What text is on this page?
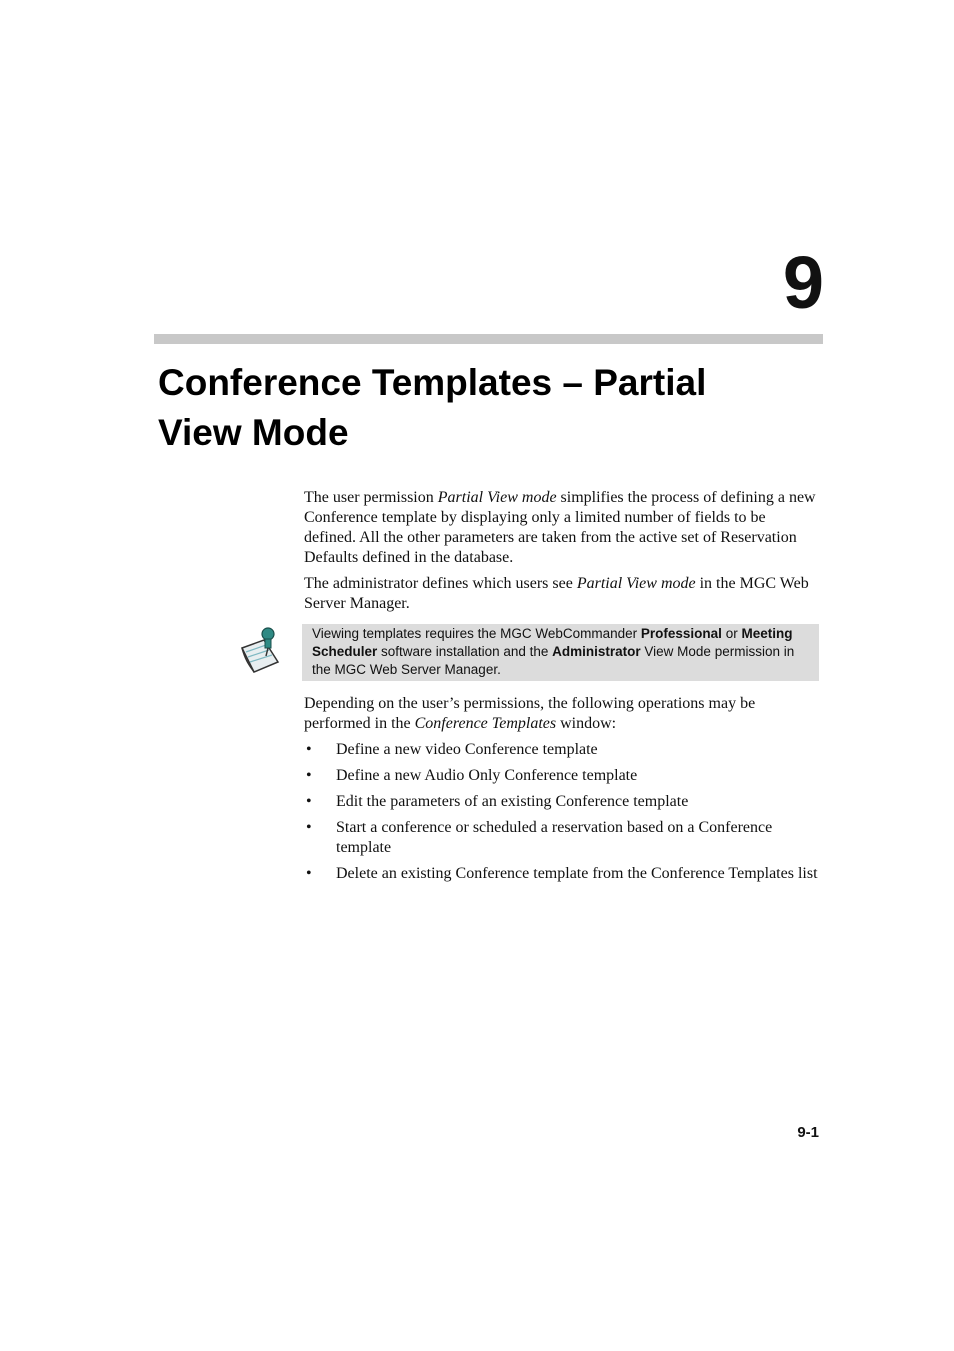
9
Conference Templates – Partial View Mode

The user permission Partial View mode simplifies the process of defining a new Conference template by displaying only a limited number of fields to be defined. All the other parameters are taken from the active set of Reservation Defaults defined in the database.

The administrator defines which users see Partial View mode in the MGC Web Server Manager.

Viewing templates requires the MGC WebCommander Professional or Meeting Scheduler software installation and the Administrator View Mode permission in the MGC Web Server Manager.

Depending on the user’s permissions, the following operations may be performed in the Conference Templates window:

• Define a new video Conference template
• Define a new Audio Only Conference template
• Edit the parameters of an existing Conference template
• Start a conference or scheduled a reservation based on a Conference template
• Delete an existing Conference template from the Conference Templates list
9-1
